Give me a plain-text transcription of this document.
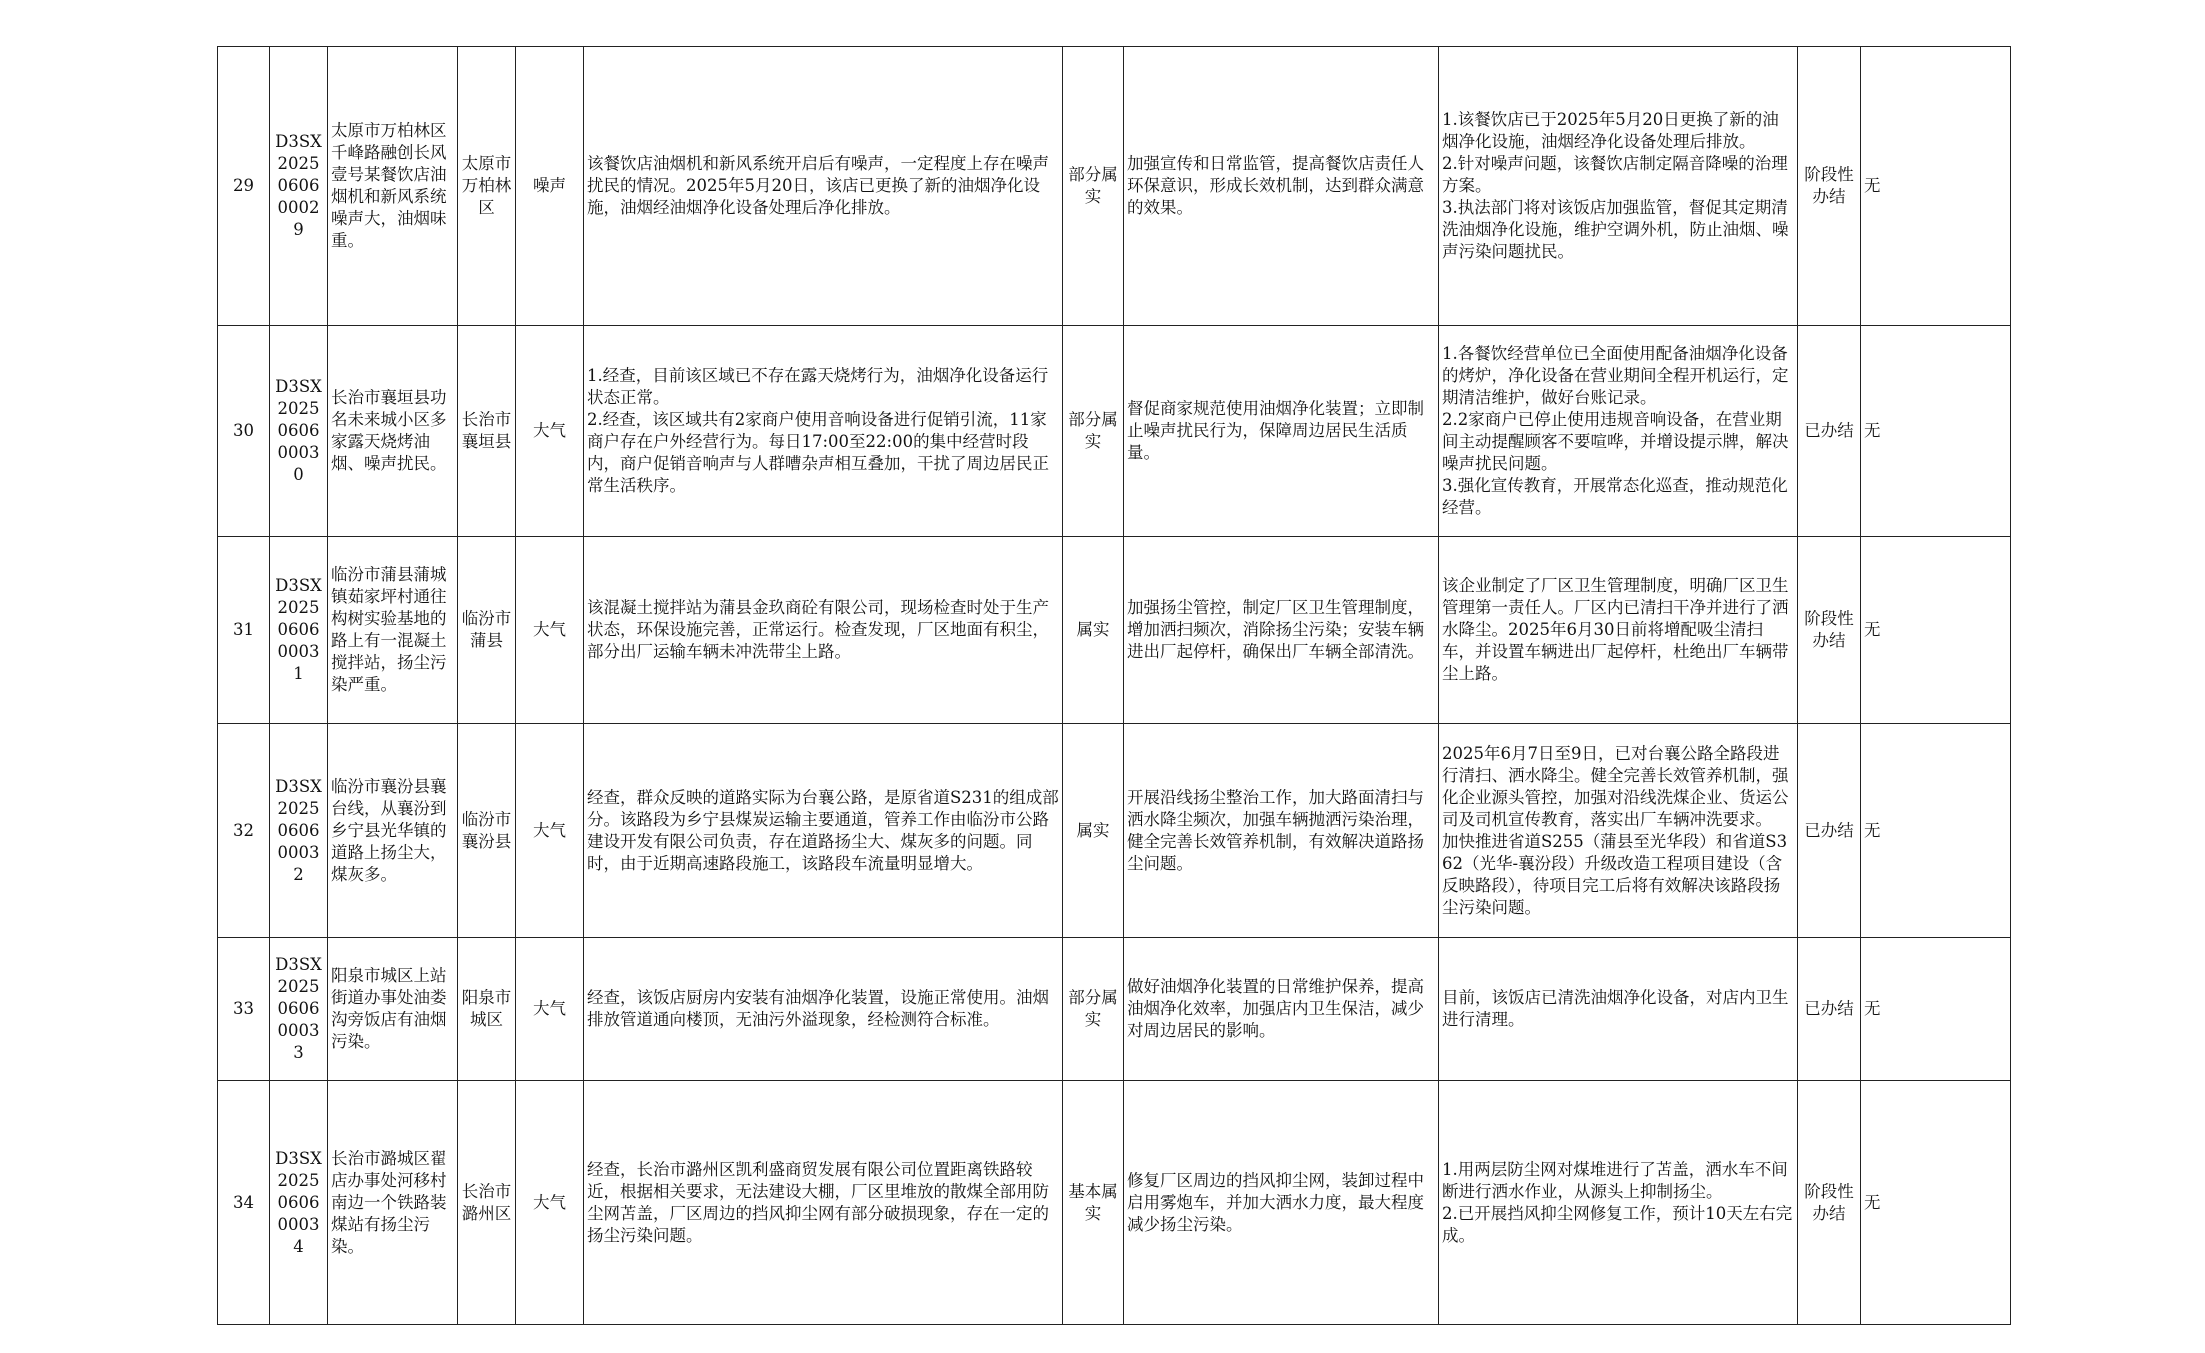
29	D3SX2025060600029	太原市万柏林区千峰路融创长风壹号某餐饮店油烟机和新风系统噪声大，油烟味重。	太原市万柏林区	噪声	该餐饮店油烟机和新风系统开启后有噪声，一定程度上存在噪声扰民的情况。2025年5月20日，该店已更换了新的油烟净化设施，油烟经油烟净化设备处理后净化排放。	部分属实	加强宣传和日常监管，提高餐饮店责任人环保意识，形成长效机制，达到群众满意的效果。	1.该餐饮店已于2025年5月20日更换了新的油烟净化设施，油烟经净化设备处理后排放。
2.针对噪声问题，该餐饮店制定隔音降噪的治理方案。
3.执法部门将对该饭店加强监管，督促其定期清洗油烟净化设施，维护空调外机，防止油烟、噪声污染问题扰民。	阶段性办结	无
30	D3SX2025060600030	长治市襄垣县功名未来城小区多家露天烧烤油烟、噪声扰民。	长治市襄垣县	大气	1.经查，目前该区域已不存在露天烧烤行为，油烟净化设备运行状态正常。
2.经查，该区域共有2家商户使用音响设备进行促销引流，11家商户存在户外经营行为。每日17:00至22:00的集中经营时段内，商户促销音响声与人群嘈杂声相互叠加，干扰了周边居民正常生活秩序。	部分属实	督促商家规范使用油烟净化装置；立即制止噪声扰民行为，保障周边居民生活质量。	1.各餐饮经营单位已全面使用配备油烟净化设备的烤炉，净化设备在营业期间全程开机运行，定期清洁维护，做好台账记录。
2.2家商户已停止使用违规音响设备，在营业期间主动提醒顾客不要喧哗，并增设提示牌，解决噪声扰民问题。
3.强化宣传教育，开展常态化巡查，推动规范化经营。	已办结	无
31	D3SX2025060600031	临汾市蒲县蒲城镇茹家坪村通往构树实验基地的路上有一混凝土搅拌站，扬尘污染严重。	临汾市蒲县	大气	该混凝土搅拌站为蒲县金玖商砼有限公司，现场检查时处于生产状态，环保设施完善，正常运行。检查发现，厂区地面有积尘，部分出厂运输车辆未冲洗带尘上路。	属实	加强扬尘管控，制定厂区卫生管理制度，增加洒扫频次，消除扬尘污染；安装车辆进出厂起停杆，确保出厂车辆全部清洗。	该企业制定了厂区卫生管理制度，明确厂区卫生管理第一责任人。厂区内已清扫干净并进行了洒水降尘。2025年6月30日前将增配吸尘清扫车，并设置车辆进出厂起停杆，杜绝出厂车辆带尘上路。	阶段性办结	无
32	D3SX2025060600032	临汾市襄汾县襄台线，从襄汾到乡宁县光华镇的道路上扬尘大，煤灰多。	临汾市襄汾县	大气	经查，群众反映的道路实际为台襄公路，是原省道S231的组成部分。该路段为乡宁县煤炭运输主要通道，管养工作由临汾市公路建设开发有限公司负责，存在道路扬尘大、煤灰多的问题。同时，由于近期高速路段施工，该路段车流量明显增大。	属实	开展沿线扬尘整治工作，加大路面清扫与洒水降尘频次，加强车辆抛洒污染治理，健全完善长效管养机制，有效解决道路扬尘问题。	2025年6月7日至9日，已对台襄公路全路段进行清扫、洒水降尘。健全完善长效管养机制，强化企业源头管控，加强对沿线洗煤企业、货运公司及司机宣传教育，落实出厂车辆冲洗要求。
加快推进省道S255（蒲县至光华段）和省道S362（光华-襄汾段）升级改造工程项目建设（含反映路段），待项目完工后将有效解决该路段扬尘污染问题。	已办结	无
33	D3SX2025060600033	阳泉市城区上站街道办事处油娄沟旁饭店有油烟污染。	阳泉市城区	大气	经查，该饭店厨房内安装有油烟净化装置，设施正常使用。油烟排放管道通向楼顶，无油污外溢现象，经检测符合标准。	部分属实	做好油烟净化装置的日常维护保养，提高油烟净化效率，加强店内卫生保洁，减少对周边居民的影响。	目前，该饭店已清洗油烟净化设备，对店内卫生进行清理。	已办结	无
34	D3SX2025060600034	长治市潞城区翟店办事处河移村南边一个铁路装煤站有扬尘污染。	长治市潞州区	大气	经查，长治市潞州区凯利盛商贸发展有限公司位置距离铁路较近，根据相关要求，无法建设大棚，厂区里堆放的散煤全部用防尘网苫盖，厂区周边的挡风抑尘网有部分破损现象，存在一定的扬尘污染问题。	基本属实	修复厂区周边的挡风抑尘网，装卸过程中启用雾炮车，并加大洒水力度，最大程度减少扬尘污染。	1.用两层防尘网对煤堆进行了苫盖，洒水车不间断进行洒水作业，从源头上抑制扬尘。
2.已开展挡风抑尘网修复工作，预计10天左右完成。	阶段性办结	无
